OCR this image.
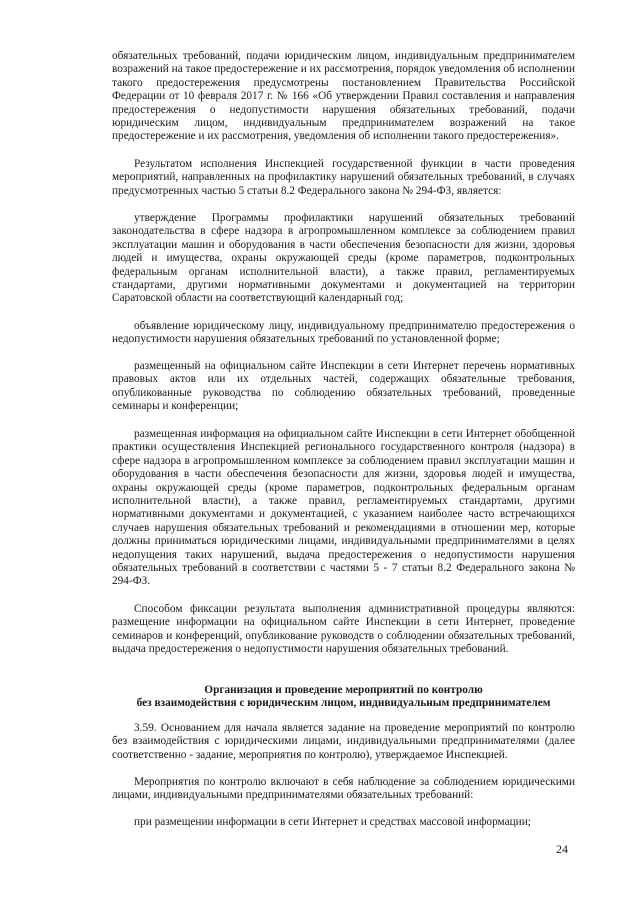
обязательных требований, подачи юридическим лицом, индивидуальным предпринимателем возражений на такое предостережение и их рассмотрения, порядок уведомления об исполнении такого предостережения предусмотрены постановлением Правительства Российской Федерации от 10 февраля 2017 г. № 166 «Об утверждении Правил составления и направления предостережения о недопустимости нарушения обязательных требований, подачи юридическим лицом, индивидуальным предпринимателем возражений на такое предостережение и их рассмотрения, уведомления об исполнении такого предостережения».

Результатом исполнения Инспекцией государственной функции в части проведения мероприятий, направленных на профилактику нарушений обязательных требований, в случаях предусмотренных частью 5 статьи 8.2 Федерального закона № 294-ФЗ, является:

утверждение Программы профилактики нарушений обязательных требований законодательства в сфере надзора в агропромышленном комплексе за соблюдением правил эксплуатации машин и оборудования в части обеспечения безопасности для жизни, здоровья людей и имущества, охраны окружающей среды (кроме параметров, подконтрольных федеральным органам исполнительной власти), а также правил, регламентируемых стандартами, другими нормативными документами и документацией на территории Саратовской области на соответствующий календарный год;

объявление юридическому лицу, индивидуальному предпринимателю предостережения о недопустимости нарушения обязательных требований по установленной форме;

размещенный на официальном сайте Инспекции в сети Интернет перечень нормативных правовых актов или их отдельных частей, содержащих обязательные требования, опубликованные руководства по соблюдению обязательных требований, проведенные семинары и конференции;

размещенная информация на официальном сайте Инспекции в сети Интернет обобщенной практики осуществления Инспекцией регионального государственного контроля (надзора) в сфере надзора в агропромышленном комплексе за соблюдением правил эксплуатации машин и оборудования в части обеспечения безопасности для жизни, здоровья людей и имущества, охраны окружающей среды (кроме параметров, подконтрольных федеральным органам исполнительной власти), а также правил, регламентируемых стандартами, другими нормативными документами и документацией, с указанием наиболее часто встречающихся случаев нарушения обязательных требований и рекомендациями в отношении мер, которые должны приниматься юридическими лицами, индивидуальными предпринимателями в целях недопущения таких нарушений, выдача предостережения о недопустимости нарушения обязательных требований в соответствии с частями 5 - 7 статьи 8.2 Федерального закона № 294-ФЗ.

Способом фиксации результата выполнения административной процедуры являются: размещение информации на официальном сайте Инспекции в сети Интернет, проведение семинаров и конференций, опубликование руководств о соблюдении обязательных требований, выдача предостережения о недопустимости нарушения обязательных требований.

Организация и проведение мероприятий по контролю
без взаимодействия с юридическим лицом, индивидуальным предпринимателем

3.59. Основанием для начала является задание на проведение мероприятий по контролю без взаимодействия с юридическими лицами, индивидуальными предпринимателями (далее соответственно - задание, мероприятия по контролю), утверждаемое Инспекцией.

Мероприятия по контролю включают в себя наблюдение за соблюдением юридическими лицами, индивидуальными предпринимателями обязательных требований:

при размещении информации в сети Интернет и средствах массовой информации;

24
